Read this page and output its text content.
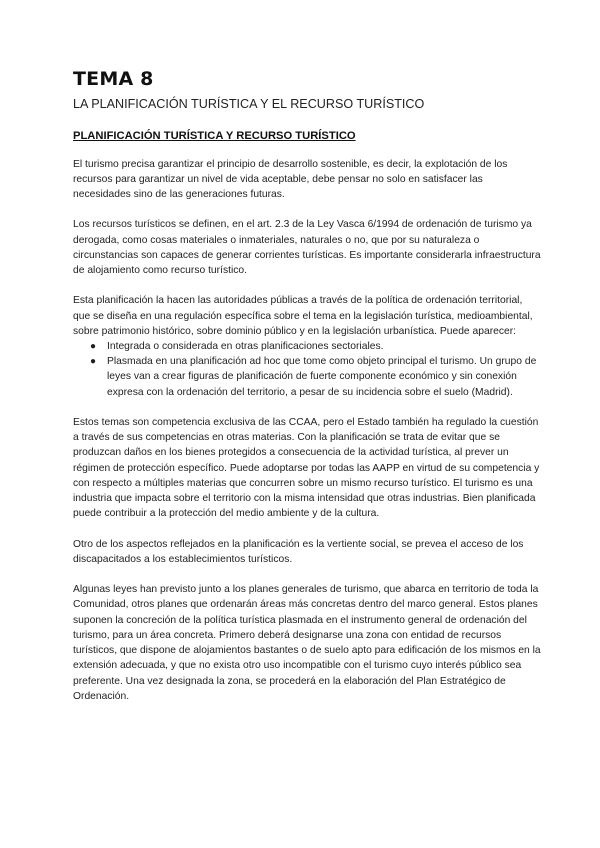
TEMA 8
LA PLANIFICACIÓN TURÍSTICA Y EL RECURSO TURÍSTICO
PLANIFICACIÓN TURÍSTICA Y RECURSO TURÍSTICO

El turismo precisa garantizar el principio de desarrollo sostenible, es decir, la explotación de los recursos para garantizar un nivel de vida aceptable, debe pensar no solo en satisfacer las necesidades sino de las generaciones futuras.

Los recursos turísticos se definen, en el art. 2.3 de la Ley Vasca 6/1994 de ordenación de turismo ya derogada, como cosas materiales o inmateriales, naturales o no, que por su naturaleza o circunstancias son capaces de generar corrientes turísticas. Es importante considerarla infraestructura de alojamiento como recurso turístico.

Esta planificación la hacen las autoridades públicas a través de la política de ordenación territorial, que se diseña en una regulación específica sobre el tema en la legislación turística, medioambiental, sobre patrimonio histórico, sobre dominio público y en la legislación urbanística. Puede aparecer:

● Integrada o considerada en otras planificaciones sectoriales.
● Plasmada en una planificación ad hoc que tome como objeto principal el turismo. Un grupo de leyes van a crear figuras de planificación de fuerte componente económico y sin conexión expresa con la ordenación del territorio, a pesar de su incidencia sobre el suelo (Madrid).

Estos temas son competencia exclusiva de las CCAA, pero el Estado también ha regulado la cuestión a través de sus competencias en otras materias. Con la planificación se trata de evitar que se produzcan daños en los bienes protegidos a consecuencia de la actividad turística, al prever un régimen de protección específico. Puede adoptarse por todas las AAPP en virtud de su competencia y con respecto a múltiples materias que concurren sobre un mismo recurso turístico. El turismo es una industria que impacta sobre el territorio con la misma intensidad que otras industrias. Bien planificada puede contribuir a la protección del medio ambiente y de la cultura.

Otro de los aspectos reflejados en la planificación es la vertiente social, se prevea el acceso de los discapacitados a los establecimientos turísticos.

Algunas leyes han previsto junto a los planes generales de turismo, que abarca en territorio de toda la Comunidad, otros planes que ordenarán áreas más concretas dentro del marco general. Estos planes suponen la concreción de la política turística plasmada en el instrumento general de ordenación del turismo, para un área concreta. Primero deberá designarse una zona con entidad de recursos turísticos, que dispone de alojamientos bastantes o de suelo apto para edificación de los mismos en la extensión adecuada, y que no exista otro uso incompatible con el turismo cuyo interés público sea preferente. Una vez designada la zona, se procederá en la elaboración del Plan Estratégico de Ordenación.
